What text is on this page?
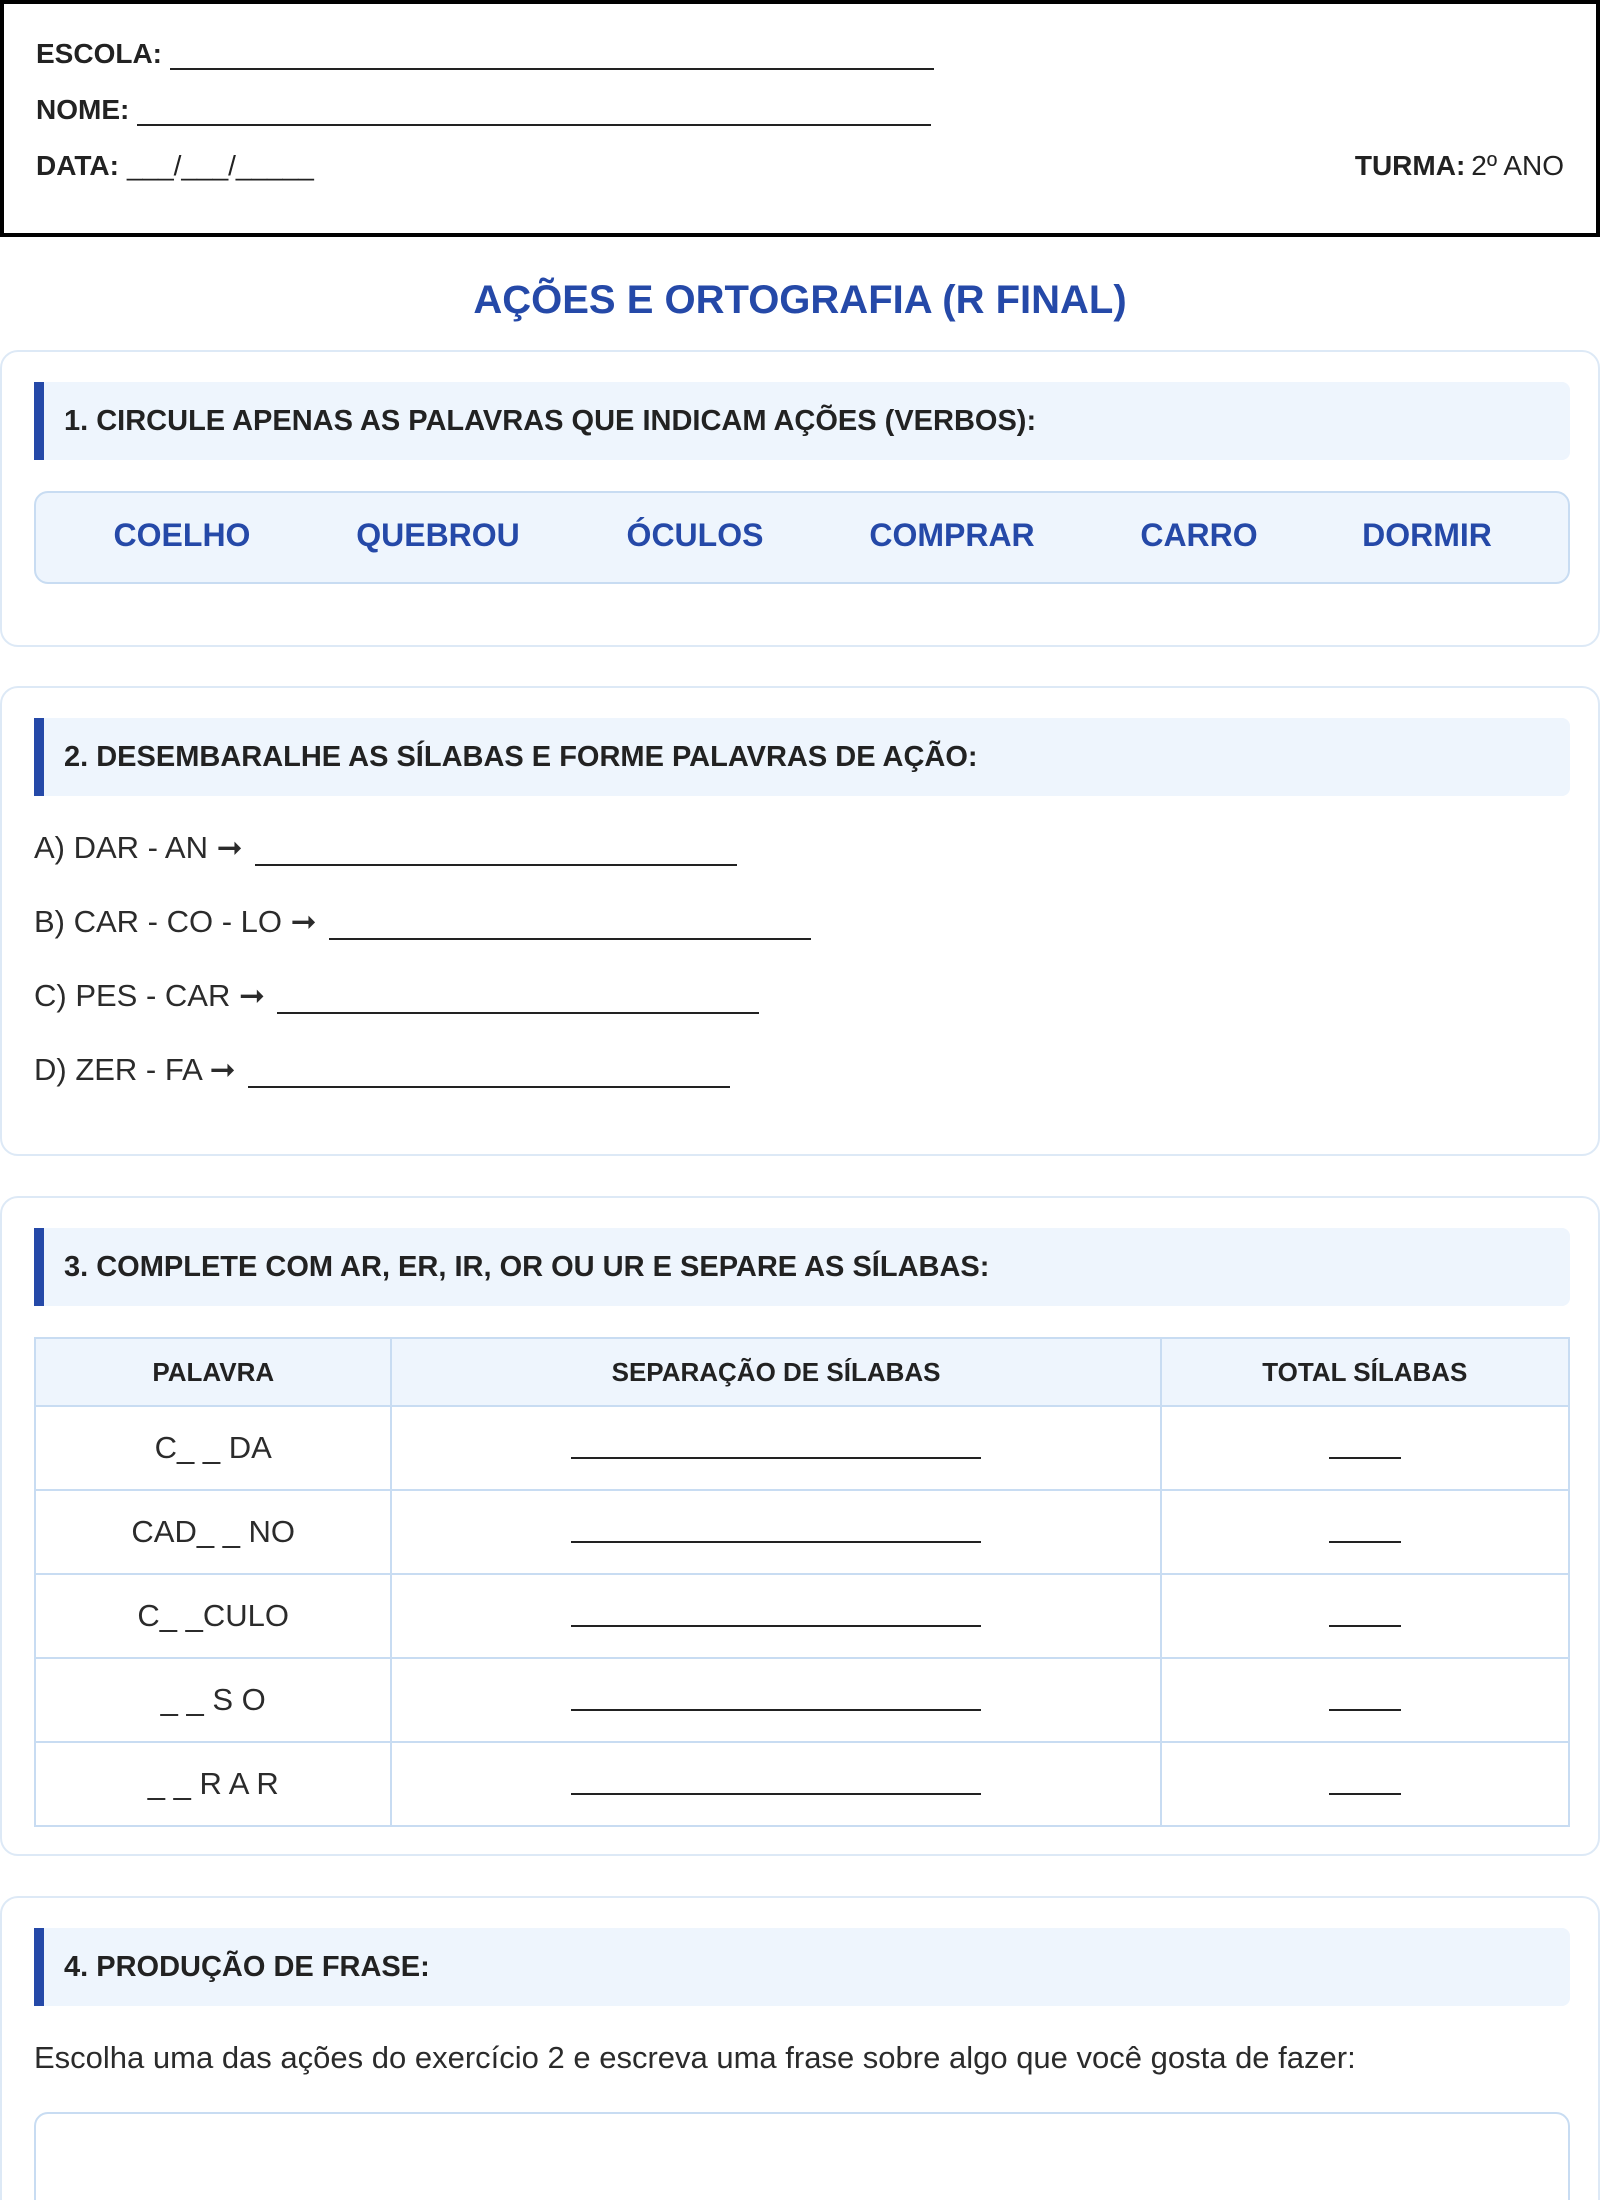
ESCOLA:
NOME:
DATA: ___/___/_____	TURMA: 2º ANO
AÇÕES E ORTOGRAFIA (R FINAL)
1. CIRCULE APENAS AS PALAVRAS QUE INDICAM AÇÕES (VERBOS):
COELHO	QUEBROU	ÓCULOS	COMPRAR	CARRO	DORMIR
2. DESEMBARALHE AS SÍLABAS E FORME PALAVRAS DE AÇÃO:
A) DAR - AN ➞
B) CAR - CO - LO ➞
C) PES - CAR ➞
D) ZER - FA ➞
3. COMPLETE COM AR, ER, IR, OR OU UR E SEPARE AS SÍLABAS:
PALAVRA	SEPARAÇÃO DE SÍLABAS	TOTAL SÍLABAS
C_ _ DA		
CAD_ _ NO		
C_ _CULO		
_ _ S O		
_ _ R A R		
4. PRODUÇÃO DE FRASE:
Escolha uma das ações do exercício 2 e escreva uma frase sobre algo que você gosta de fazer:
